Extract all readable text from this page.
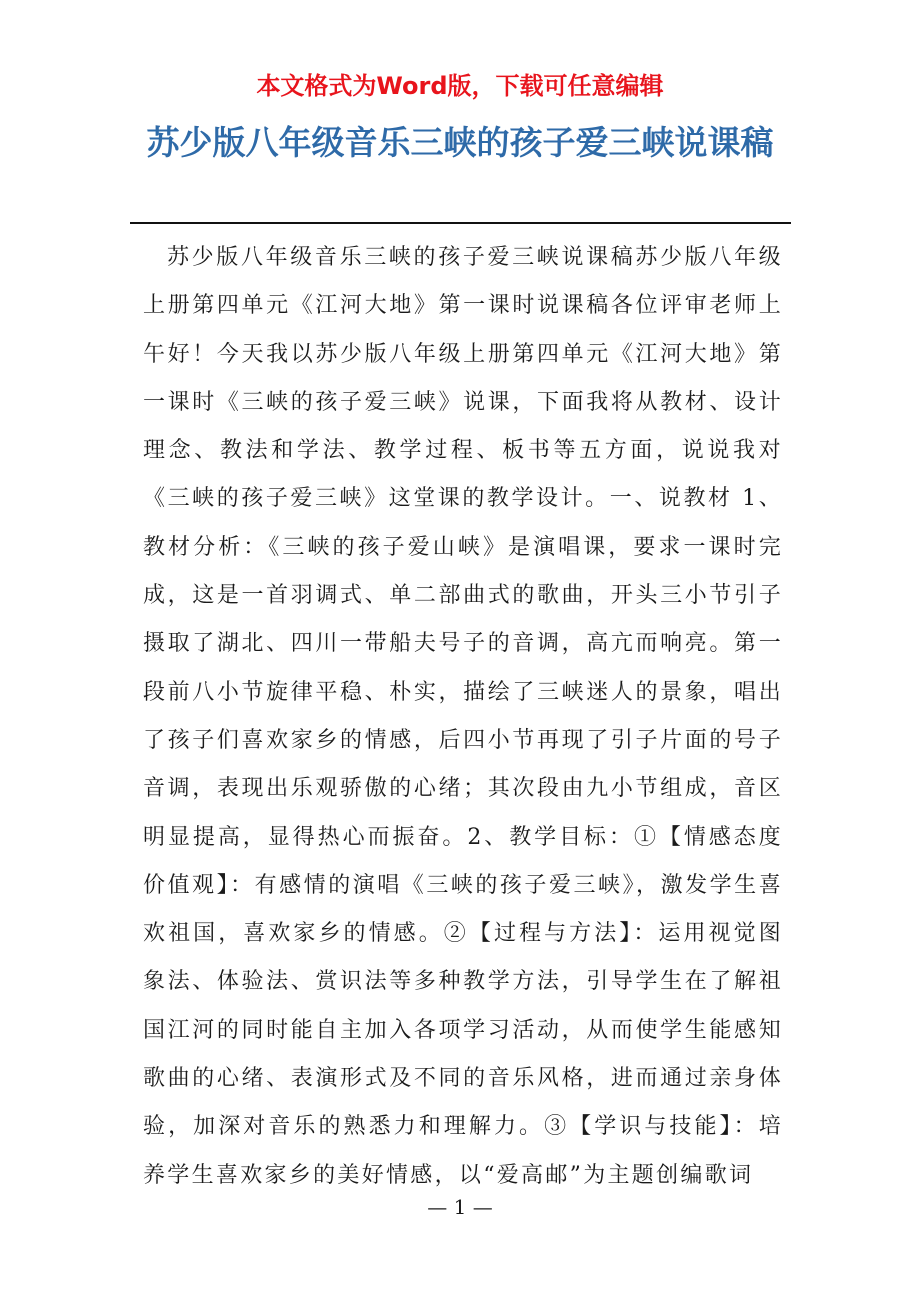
本文格式为Word版，下载可任意编辑
苏少版八年级音乐三峡的孩子爱三峡说课稿

苏少版八年级音乐三峡的孩子爱三峡说课稿苏少版八年级上册第四单元《江河大地》第一课时说课稿各位评审老师上午好！今天我以苏少版八年级上册第四单元《江河大地》第一课时《三峡的孩子爱三峡》说课，下面我将从教材、设计理念、教法和学法、教学过程、板书等五方面，说说我对《三峡的孩子爱三峡》这堂课的教学设计。一、说教材 1、教材分析：《三峡的孩子爱山峡》是演唱课，要求一课时完成，这是一首羽调式、单二部曲式的歌曲，开头三小节引子摄取了湖北、四川一带船夫号子的音调，高亢而响亮。第一段前八小节旋律平稳、朴实，描绘了三峡迷人的景象，唱出了孩子们喜欢家乡的情感，后四小节再现了引子片面的号子音调，表现出乐观骄傲的心绪；其次段由九小节组成，音区明显提高，显得热心而振奋。2、教学目标：①【情感态度价值观】：有感情的演唱《三峡的孩子爱三峡》，激发学生喜欢祖国，喜欢家乡的情感。②【过程与方法】：运用视觉图象法、体验法、赏识法等多种教学方法，引导学生在了解祖国江河的同时能自主加入各项学习活动，从而使学生能感知歌曲的心绪、表演形式及不同的音乐风格，进而通过亲身体验，加深对音乐的熟悉力和理解力。③【学识与技能】：培养学生喜欢家乡的美好情感，以“爱高邮”为主题创编歌词

— 1 —
